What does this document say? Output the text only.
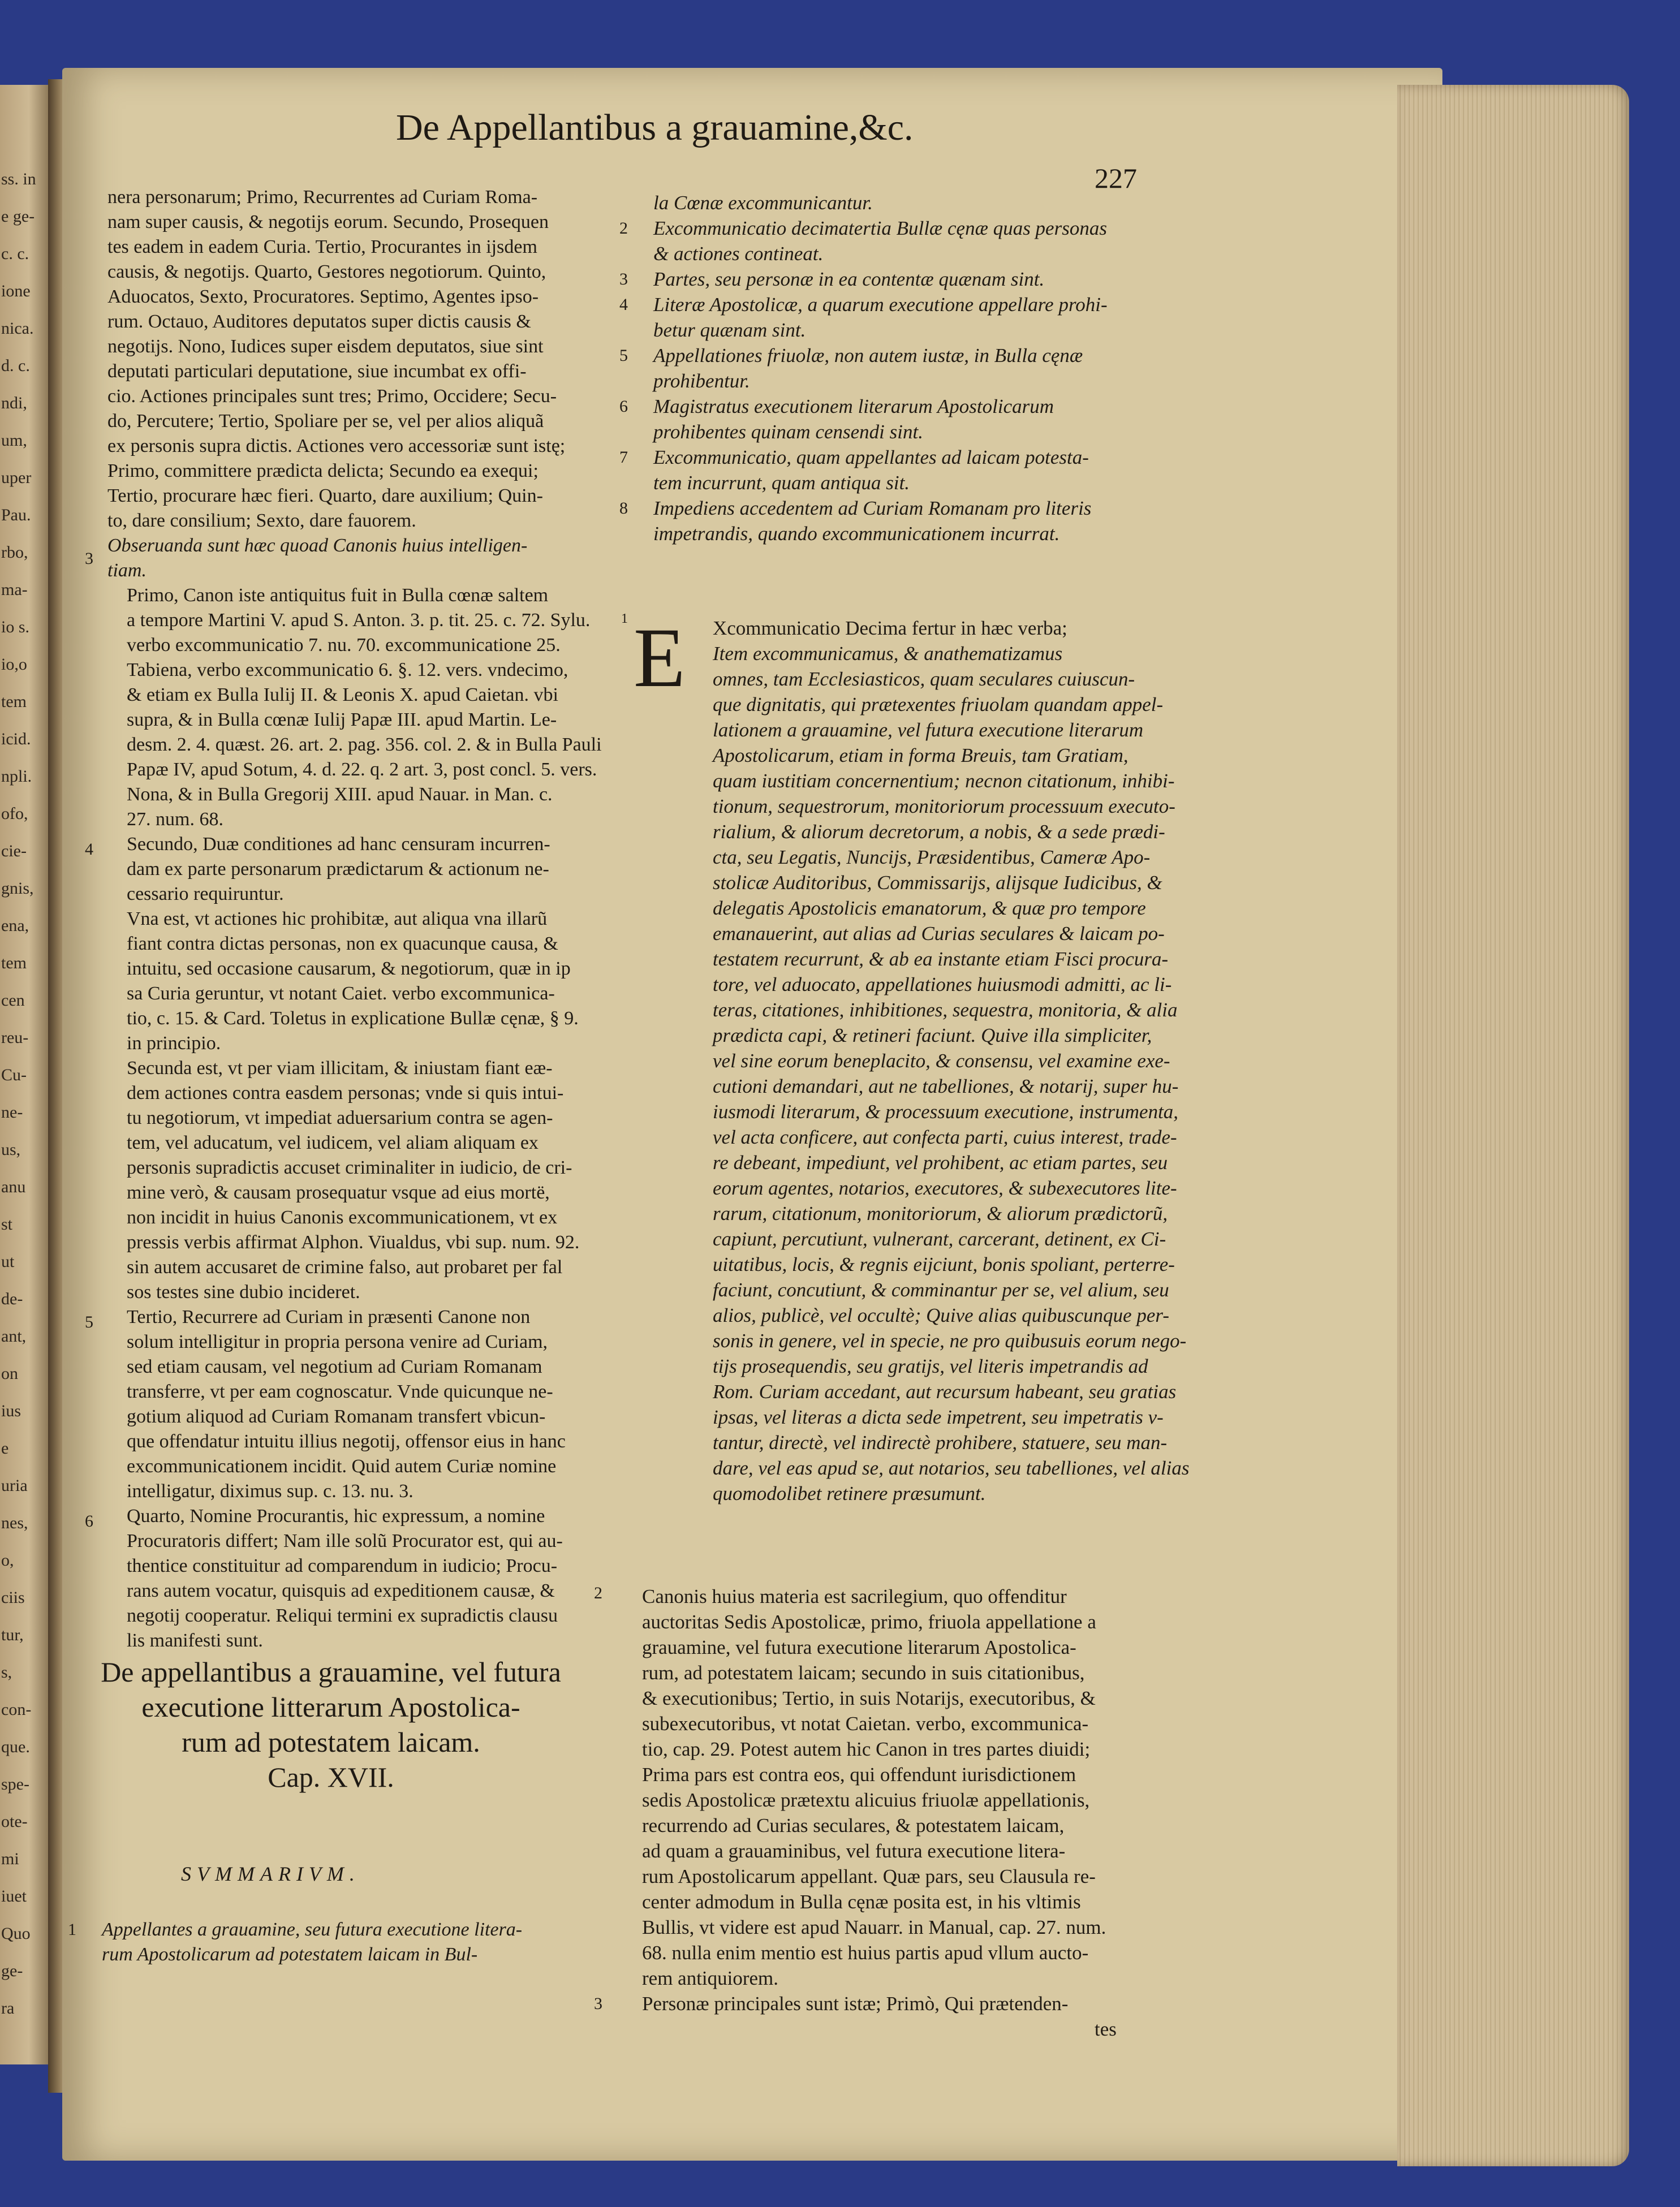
ss. in
e ge-
c. c.
ione
nica.
d. c.
ndi,
um,
uper
Pau.
rbo,
ma-
io s.
io,o
tem
icid.
npli.
ofo,
cie-
gnis,
ena,
tem
cen
reu-
Cu-
ne-
us,
anu
st
ut
de-
ant,
on
ius
e
uria
nes,
o,
ciis
tur,
s,
con-
que.
spe-
ote-
mi
iuet
Quo
ge-
ra
De Appellantibus a grauamine,&c.
227
nera personarum; Primo, Recurrentes ad Curiam Roma-
nam super causis, & negotijs eorum. Secundo, Prosequen
tes eadem in eadem Curia. Tertio, Procurantes in ijsdem
causis, & negotijs. Quarto, Gestores negotiorum. Quinto,
Aduocatos, Sexto, Procuratores. Septimo, Agentes ipso-
rum. Octauo, Auditores deputatos super dictis causis &
negotijs. Nono, Iudices super eisdem deputatos, siue sint
deputati particulari deputatione, siue incumbat ex offi-
cio. Actiones principales sunt tres; Primo, Occidere; Secu-
do, Percutere; Tertio, Spoliare per se, vel per alios aliquã
ex personis supra dictis. Actiones vero accessoriæ sunt istę;
Primo, committere prædicta delicta; Secundo ea exequi;
Tertio, procurare hæc fieri. Quarto, dare auxilium; Quin-
to, dare consilium; Sexto, dare fauorem.
3
Obseruanda sunt hæc quoad Canonis huius intelligen-
tiam.
Primo, Canon iste antiquitus fuit in Bulla cœnæ saltem
a tempore Martini V. apud S. Anton. 3. p. tit. 25. c. 72. Sylu.
verbo excommunicatio 7. nu. 70. excommunicatione 25.
Tabiena, verbo excommunicatio 6. §. 12. vers. vndecimo,
& etiam ex Bulla Iulij II. & Leonis X. apud Caietan. vbi
supra, & in Bulla cœnæ Iulij Papæ III. apud Martin. Le-
desm. 2. 4. quæst. 26. art. 2. pag. 356. col. 2. & in Bulla Pauli
Papæ IV, apud Sotum, 4. d. 22. q. 2 art. 3, post concl. 5. vers.
Nona, & in Bulla Gregorij XIII. apud Nauar. in Man. c.
27. num. 68.
4 Secundo, Duæ conditiones ad hanc censuram incurren-
dam ex parte personarum prædictarum & actionum ne-
cessario requiruntur.
Vna est, vt actiones hic prohibitæ, aut aliqua vna illarũ
fiant contra dictas personas, non ex quacunque causa, &
intuitu, sed occasione causarum, & negotiorum, quæ in ip
sa Curia geruntur, vt notant Caiet. verbo excommunica-
tio, c. 15. & Card. Toletus in explicatione Bullæ cęnæ, § 9.
in principio.
Secunda est, vt per viam illicitam, & iniustam fiant eæ-
dem actiones contra easdem personas; vnde si quis intui-
tu negotiorum, vt impediat aduersarium contra se agen-
tem, vel aducatum, vel iudicem, vel aliam aliquam ex
personis supradictis accuset criminaliter in iudicio, de cri-
mine verò, & causam prosequatur vsque ad eius mortë,
non incidit in huius Canonis excommunicationem, vt ex
pressis verbis affirmat Alphon. Viualdus, vbi sup. num. 92.
sin autem accusaret de crimine falso, aut probaret per fal
sos testes sine dubio incideret.
5 Tertio, Recurrere ad Curiam in præsenti Canone non
solum intelligitur in propria persona venire ad Curiam,
sed etiam causam, vel negotium ad Curiam Romanam
transferre, vt per eam cognoscatur. Vnde quicunque ne-
gotium aliquod ad Curiam Romanam transfert vbicun-
que offendatur intuitu illius negotij, offensor eius in hanc
excommunicationem incidit. Quid autem Curiæ nomine
intelligatur, diximus sup. c. 13. nu. 3.
6 Quarto, Nomine Procurantis, hic expressum, a nomine
Procuratoris differt; Nam ille solũ Procurator est, qui au-
thentice constituitur ad comparendum in iudicio; Procu-
rans autem vocatur, quisquis ad expeditionem causæ, &
negotij cooperatur. Reliqui termini ex supradictis clausu
lis manifesti sunt.
De appellantibus a grauamine, vel futura
executione litterarum Apostolica-
rum ad potestatem laicam.
Cap. XVII.
SVMMARIVM.
1 Appellantes a grauamine, seu futura executione litera-
rum Apostolicarum ad potestatem laicam in Bul-
la Cœnæ excommunicantur.
2 Excommunicatio decimatertia Bullæ cęnæ quas personas
& actiones contineat.
3 Partes, seu personæ in ea contentæ quænam sint.
4 Literæ Apostolicæ, a quarum executione appellare prohi-
betur quænam sint.
5 Appellationes friuolæ, non autem iustæ, in Bulla cęnæ
prohibentur.
6 Magistratus executionem literarum Apostolicarum
prohibentes quinam censendi sint.
7 Excommunicatio, quam appellantes ad laicam potesta-
tem incurrunt, quam antiqua sit.
8 Impediens accedentem ad Curiam Romanam pro literis
impetrandis, quando excommunicationem incurrat.
1 E Xcommunicatio Decima fertur in hæc verba;
Item excommunicamus, & anathematizamus
omnes, tam Ecclesiasticos, quam seculares cuiuscun-
que dignitatis, qui prætexentes friuolam quandam appel-
lationem a grauamine, vel futura executione literarum
Apostolicarum, etiam in forma Breuis, tam Gratiam,
quam iustitiam concernentium; necnon citationum, inhibi-
tionum, sequestrorum, monitoriorum processuum executo-
rialium, & aliorum decretorum, a nobis, & a sede prædi-
cta, seu Legatis, Nuncijs, Præsidentibus, Cameræ Apo-
stolicæ Auditoribus, Commissarijs, alijsque Iudicibus, &
delegatis Apostolicis emanatorum, & quæ pro tempore
emanauerint, aut alias ad Curias seculares & laicam po-
testatem recurrunt, & ab ea instante etiam Fisci procura-
tore, vel aduocato, appellationes huiusmodi admitti, ac li-
teras, citationes, inhibitiones, sequestra, monitoria, & alia
prædicta capi, & retineri faciunt. Quive illa simpliciter,
vel sine eorum beneplacito, & consensu, vel examine exe-
cutioni demandari, aut ne tabelliones, & notarij, super hu-
iusmodi literarum, & processuum executione, instrumenta,
vel acta conficere, aut confecta parti, cuius interest, trade-
re debeant, impediunt, vel prohibent, ac etiam partes, seu
eorum agentes, notarios, executores, & subexecutores lite-
rarum, citationum, monitoriorum, & aliorum prædictorũ,
capiunt, percutiunt, vulnerant, carcerant, detinent, ex Ci-
uitatibus, locis, & regnis eijciunt, bonis spoliant, perterre-
faciunt, concutiunt, & comminantur per se, vel alium, seu
alios, publicè, vel occultè; Quive alias quibuscunque per-
sonis in genere, vel in specie, ne pro quibusuis eorum nego-
tijs prosequendis, seu gratijs, vel literis impetrandis ad
Rom. Curiam accedant, aut recursum habeant, seu gratias
ipsas, vel literas a dicta sede impetrent, seu impetratis v-
tantur, directè, vel indirectè prohibere, statuere, seu man-
dare, vel eas apud se, aut notarios, seu tabelliones, vel alias
quomodolibet retinere præsumunt.
2 Canonis huius materia est sacrilegium, quo offenditur
auctoritas Sedis Apostolicæ, primo, friuola appellatione a
grauamine, vel futura executione literarum Apostolica-
rum, ad potestatem laicam; secundo in suis citationibus,
& executionibus; Tertio, in suis Notarijs, executoribus, &
subexecutoribus, vt notat Caietan. verbo, excommunica-
tio, cap. 29. Potest autem hic Canon in tres partes diuidi;
Prima pars est contra eos, qui offendunt iurisdictionem
sedis Apostolicæ prætextu alicuius friuolæ appellationis,
recurrendo ad Curias seculares, & potestatem laicam,
ad quam a grauaminibus, vel futura executione litera-
rum Apostolicarum appellant. Quæ pars, seu Clausula re-
center admodum in Bulla cęnæ posita est, in his vltimis
Bullis, vt videre est apud Nauarr. in Manual, cap. 27. num.
68. nulla enim mentio est huius partis apud vllum aucto-
rem antiquiorem.
3 Personæ principales sunt istæ; Primò, Qui prætenden-
tes
